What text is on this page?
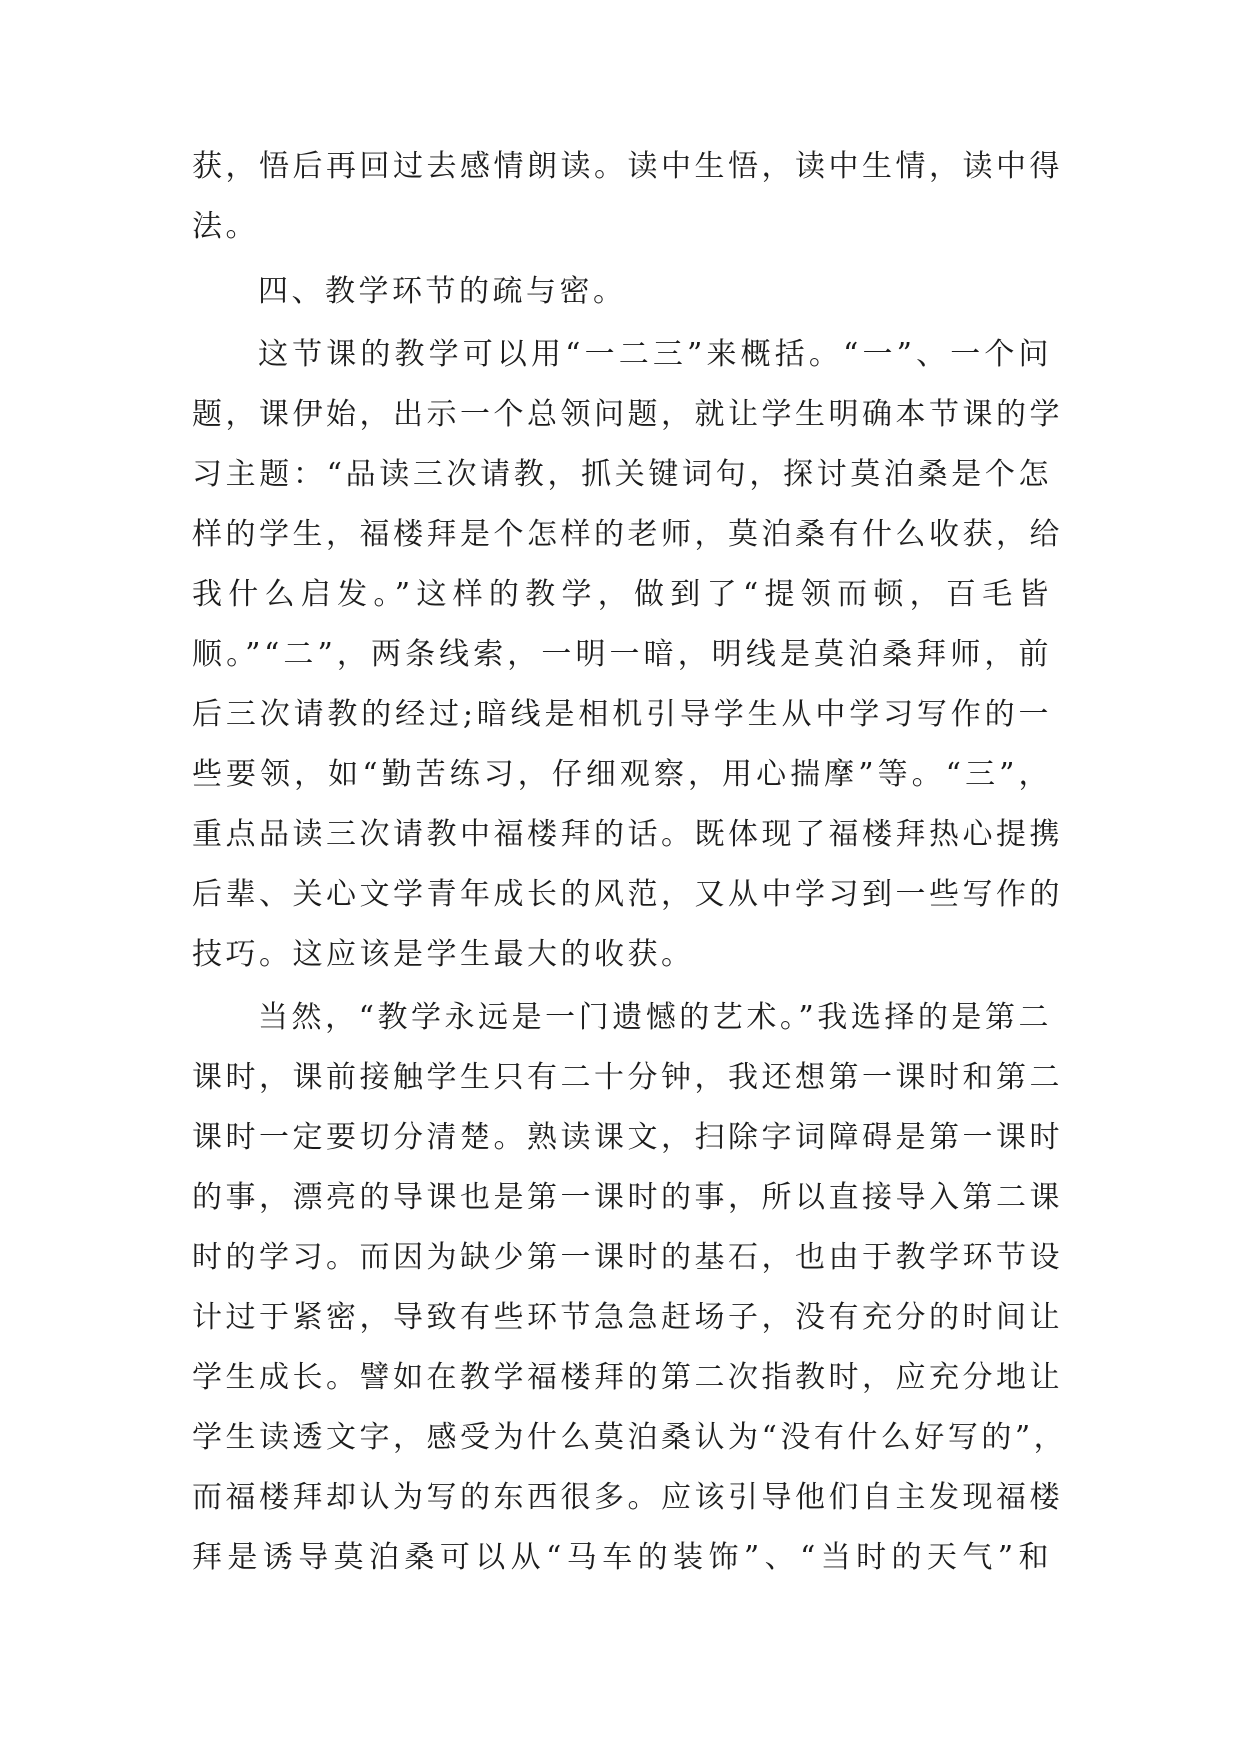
获，悟后再回过去感情朗读。读中生悟，读中生情，读中得
法。
四、教学环节的疏与密。
这节课的教学可以用“一二三”来概括。“一”、一个问
题，课伊始，出示一个总领问题，就让学生明确本节课的学
习主题：“品读三次请教，抓关键词句，探讨莫泊桑是个怎
样的学生，福楼拜是个怎样的老师，莫泊桑有什么收获，给
我什么启发。”这样的教学，做到了“提领而顿，百毛皆
顺。”“二”，两条线索，一明一暗，明线是莫泊桑拜师，前
后三次请教的经过;暗线是相机引导学生从中学习写作的一
些要领，如“勤苦练习，仔细观察，用心揣摩”等。“三”，
重点品读三次请教中福楼拜的话。既体现了福楼拜热心提携
后辈、关心文学青年成长的风范，又从中学习到一些写作的
技巧。这应该是学生最大的收获。
当然，“教学永远是一门遗憾的艺术。”我选择的是第二
课时，课前接触学生只有二十分钟，我还想第一课时和第二
课时一定要切分清楚。熟读课文，扫除字词障碍是第一课时
的事，漂亮的导课也是第一课时的事，所以直接导入第二课
时的学习。而因为缺少第一课时的基石，也由于教学环节设
计过于紧密，导致有些环节急急赶场子，没有充分的时间让
学生成长。譬如在教学福楼拜的第二次指教时，应充分地让
学生读透文字，感受为什么莫泊桑认为“没有什么好写的”，
而福楼拜却认为写的东西很多。应该引导他们自主发现福楼
拜是诱导莫泊桑可以从“马车的装饰”、“当时的天气”和
